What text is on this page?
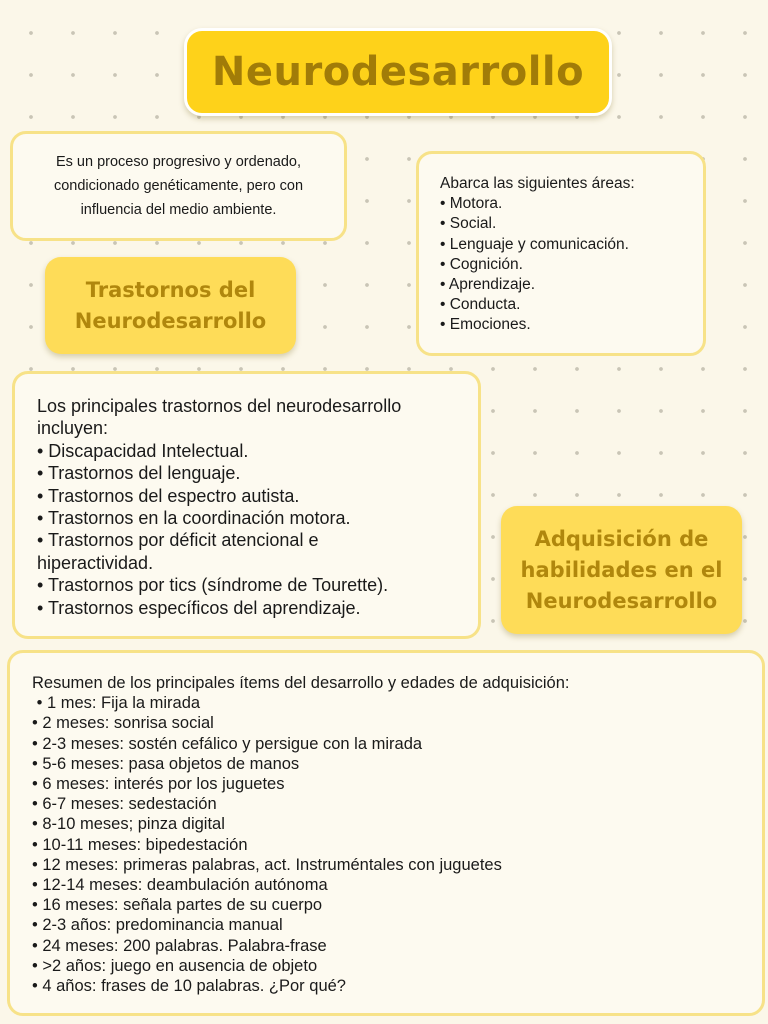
Neurodesarrollo
Es un proceso progresivo y ordenado, condicionado genéticamente, pero con influencia del medio ambiente.
Abarca las siguientes áreas:
• Motora.
• Social.
• Lenguaje y comunicación.
• Cognición.
• Aprendizaje.
• Conducta.
• Emociones.
Trastornos del
Neurodesarrollo
Los principales trastornos del neurodesarrollo incluyen:
• Discapacidad Intelectual.
• Trastornos del lenguaje.
• Trastornos del espectro autista.
• Trastornos en la coordinación motora.
• Trastornos por déficit atencional e hiperactividad.
• Trastornos por tics (síndrome de Tourette).
• Trastornos específicos del aprendizaje.
Adquisición de
habilidades en el
Neurodesarrollo
Resumen de los principales ítems del desarrollo y edades de adquisición:
• 1 mes: Fija la mirada
• 2 meses: sonrisa social
• 2-3 meses: sostén cefálico y persigue con la mirada
• 5-6 meses: pasa objetos de manos
• 6 meses: interés por los juguetes
• 6-7 meses: sedestación
• 8-10 meses; pinza digital
• 10-11 meses: bipedestación
• 12 meses: primeras palabras, act. Instruméntales con juguetes
• 12-14 meses: deambulación autónoma
• 16 meses: señala partes de su cuerpo
• 2-3 años: predominancia manual
• 24 meses: 200 palabras. Palabra-frase
• >2 años: juego en ausencia de objeto
• 4 años: frases de 10 palabras. ¿Por qué?
